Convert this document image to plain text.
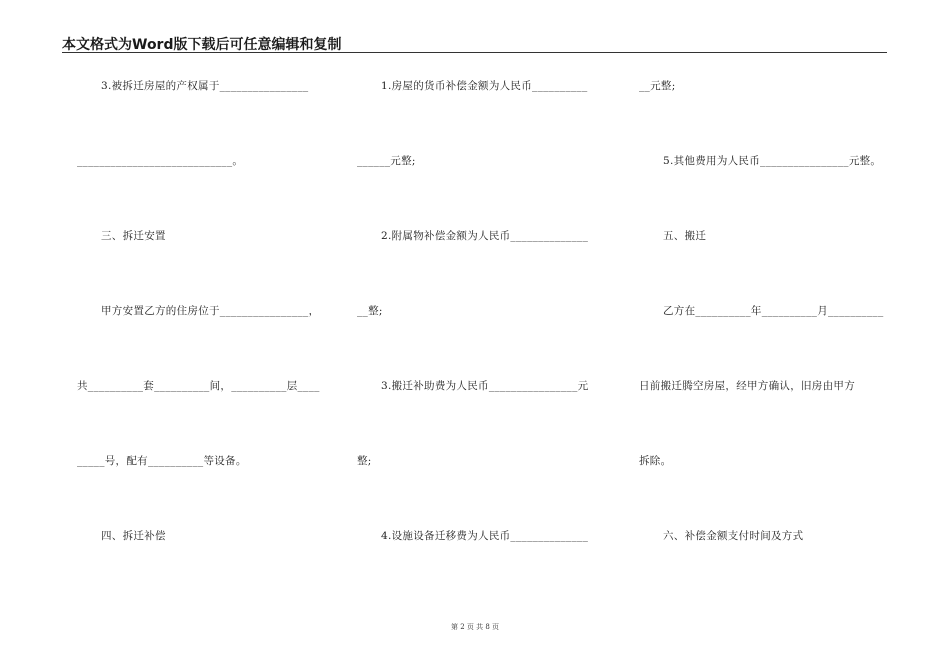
本文格式为Word版下载后可任意编辑和复制
3.被拆迁房屋的产权属于________________
____________________________。
三、拆迁安置
甲方安置乙方的住房位于________________，
共__________套__________间，__________层____
_____号，配有__________等设备。
四、拆迁补偿
1.房屋的货币补偿金额为人民币__________
______元整;
2.附属物补偿金额为人民币______________
__整;
3.搬迁补助费为人民币________________元
整;
4.设施设备迁移费为人民币______________
__元整;
5.其他费用为人民币________________元整。
五、搬迁
乙方在__________年__________月__________
日前搬迁腾空房屋，经甲方确认，旧房由甲方
拆除。
六、补偿金额支付时间及方式
第 2 页 共 8 页
